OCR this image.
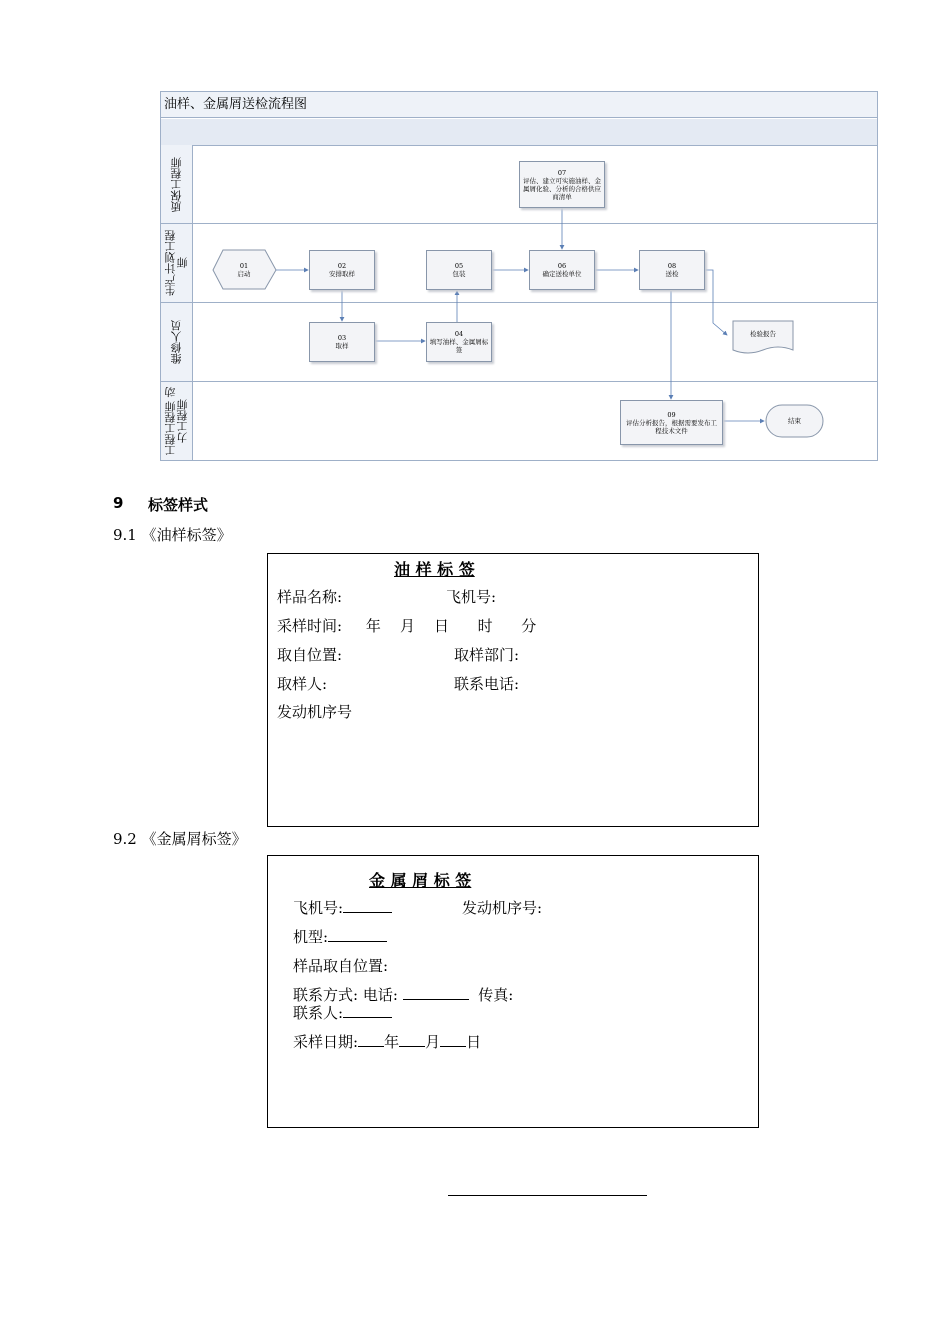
油样、金属屑送检流程图
质保工程师
生产计划工程师
维修人员
工程工程师 动力工程师
01
启动
02
安排取样
03
取样
04
填写油样、金属屑标签
05
包装
06
确定送检单位
07
评估、建立可实施油样、金属屑化验、分析的合格供应商清单
08
送检
09
评估分析报告，根据需要发布工程技术文件
检验报告
结束
9 标签样式
9.1 《油样标签》
油 样 标 签
样品名称:	飞机号:
采样时间:     年    月    日      时      分
取自位置:	取样部门:
取样人:	联系电话:
发动机序号
9.2 《金属屑标签》
金 属 屑 标 签
飞机号:	发动机序号:
机型:
样品取自位置:
联系方式: 电话:	传真:
联系人:
采样日期: 年 月 日
